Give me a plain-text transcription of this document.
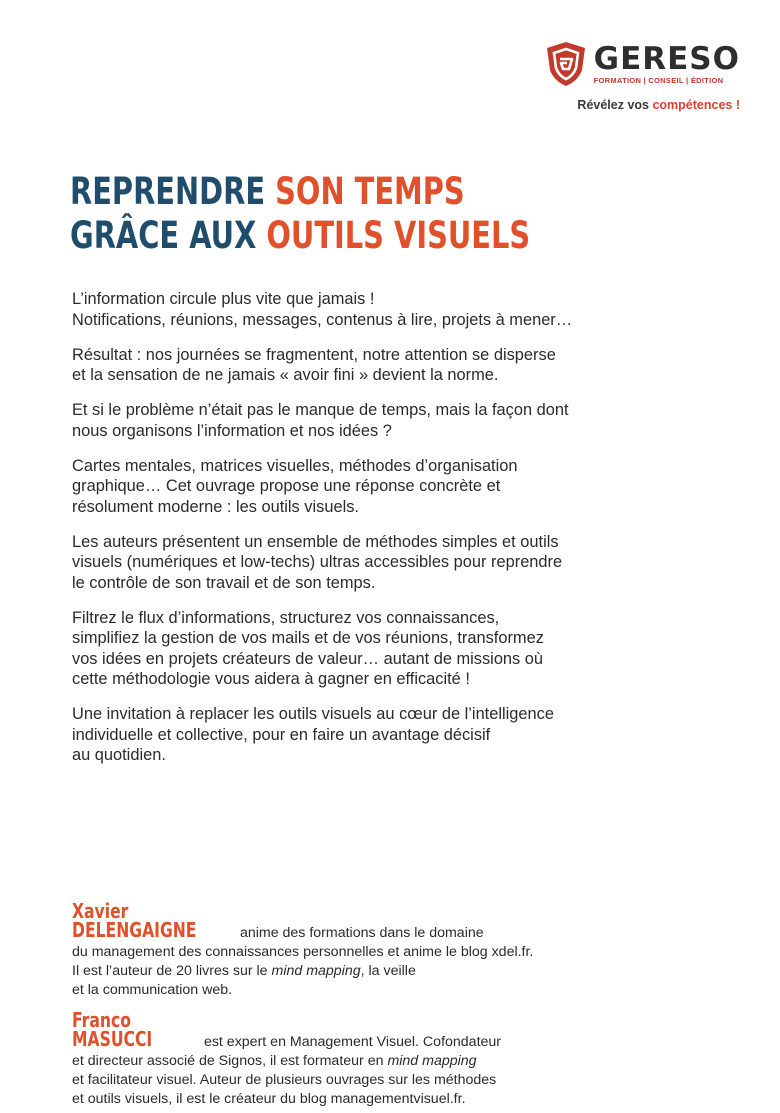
GERESO
FORMATION | CONSEIL | ÉDITION
Révélez vos compétences !
REPRENDRE SON TEMPS
GRÂCE AUX OUTILS VISUELS

L’information circule plus vite que jamais !
Notifications, réunions, messages, contenus à lire, projets à mener…

Résultat : nos journées se fragmentent, notre attention se disperse
et la sensation de ne jamais « avoir fini » devient la norme.

Et si le problème n’était pas le manque de temps, mais la façon dont
nous organisons l’information et nos idées ?

Cartes mentales, matrices visuelles, méthodes d’organisation
graphique… Cet ouvrage propose une réponse concrète et
résolument moderne : les outils visuels.

Les auteurs présentent un ensemble de méthodes simples et outils
visuels (numériques et low-techs) ultras accessibles pour reprendre
le contrôle de son travail et de son temps.

Filtrez le flux d’informations, structurez vos connaissances,
simplifiez la gestion de vos mails et de vos réunions, transformez
vos idées en projets créateurs de valeur… autant de missions où
cette méthodologie vous aidera à gagner en efficacité !

Une invitation à replacer les outils visuels au cœur de l’intelligence
individuelle et collective, pour en faire un avantage décisif
au quotidien.

Xavier DELENGAIGNE	anime des formations dans le domaine
du management des connaissances personnelles et anime le blog xdel.fr.
Il est l’auteur de 20 livres sur le mind mapping, la veille
et la communication web.
Franco MASUCCI	est expert en Management Visuel. Cofondateur
et directeur associé de Signos, il est formateur en mind mapping
et facilitateur visuel. Auteur de plusieurs ouvrages sur les méthodes
et outils visuels, il est le créateur du blog managementvisuel.fr.
